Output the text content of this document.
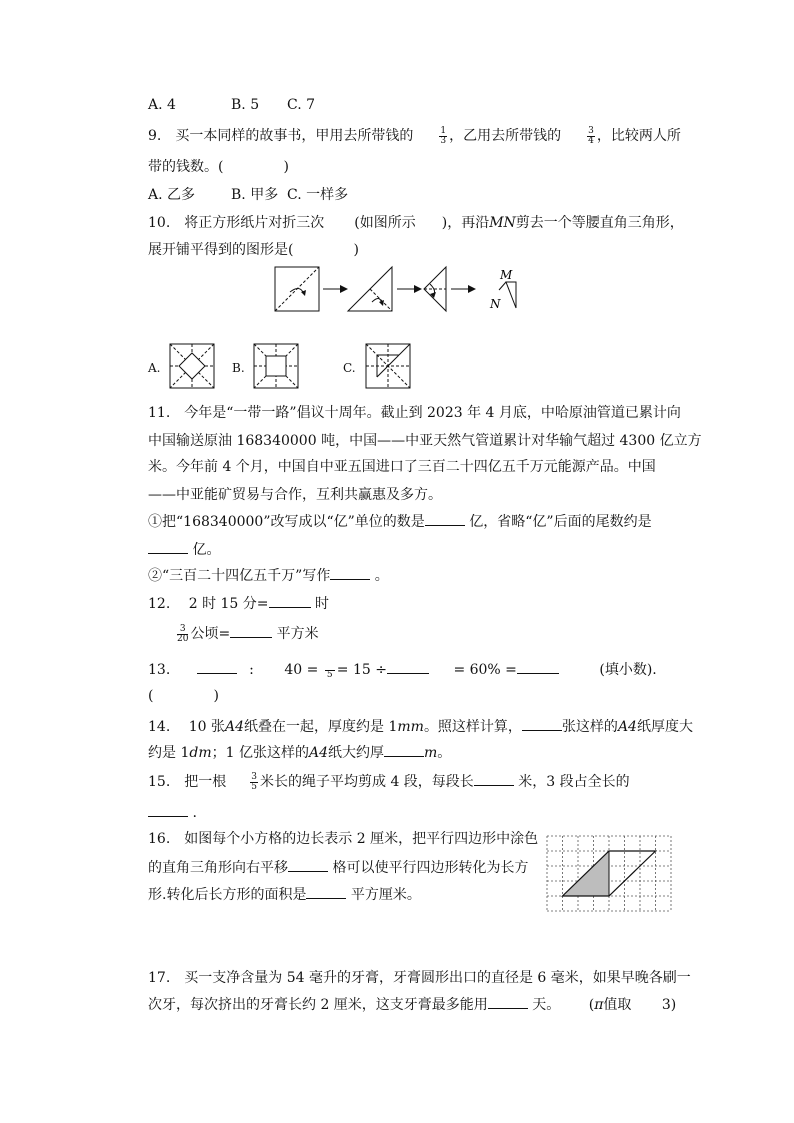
A. 4	B. 5 C. 7
9.　买一本同样的故事书，甲用去所带钱的	$\frac{1}{3}$ ，乙用去所带钱的	$\frac{3}{4}$ ，比较两人所
带的钱数。(	)
A. 乙多	B. 甲多 C. 一样多
10.　将正方形纸片对折三次 (如图所示 )，再沿MN剪去一个等腰直角三角形，
展开铺平得到的图形是(	)
M
N
A.	B.	C.
11.　今年是“一带一路”倡议十周年。截止到 2023 年 4 月底，中哈原油管道已累计向
中国输送原油 168340000 吨，中国——中亚天然气管道累计对华输气超过 4300 亿立方
米。今年前 4 个月，中国自中亚五国进口了三百二十四亿五千万元能源产品。中国
——中亚能矿贸易与合作，互利共赢惠及多方。
①把“168340000”改写成以“亿”单位的数是	亿，省略“亿”后面的尾数约是
亿。
②“三百二十四亿五千万”写作	。
12.　 2 时 15 分=	时
$\frac{3}{20}$ 公顷=	平方米
13.	: 40 = 5 = 15 ÷	= 60% =	(填小数).
(	)
14.　 10 张A4纸叠在一起，厚度约是 1mm。照这样计算，	张这样的A4纸厚度大
约是 1dm；1 亿张这样的A4纸大约厚	m。
15.　把一根	$\frac{3}{5}$ 米长的绳子平均剪成 4 段，每段长	米，3 段占全长的
.
16.　如图每个小方格的边长表示 2 厘米，把平行四边形中涂色
的直角三角形向右平移	格可以使平行四边形转化为长方
形.转化后长方形的面积是	平方厘米。
17.　买一支净含量为 54 毫升的牙膏，牙膏圆形出口的直径是 6 毫米，如果早晚各刷一
次牙，每次挤出的牙膏长约 2 厘米，这支牙膏最多能用	天。 (π值取 3)
